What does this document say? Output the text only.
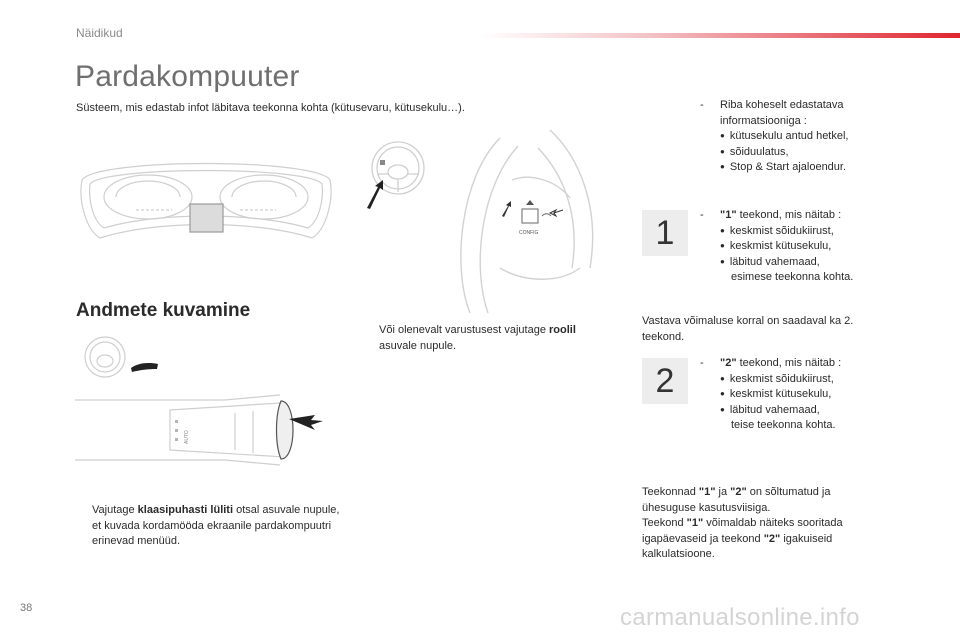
Näidikud
Pardakompuuter
Süsteem, mis edastab infot läbitava teekonna kohta (kütusevaru, kütusekulu…).
CONFIG
Andmete kuvamine
AUTO
Vajutage klaasipuhasti lüliti otsal asuvale nupule, et kuvada kordamööda ekraanile pardakompuutri erinevad menüüd.
Või olenevalt varustusest vajutage roolil asuvale nupule.
- Riba koheselt edastatava
informatsiooniga :
● kütusekulu antud hetkel,
● sõiduulatus,
● Stop & Start ajaloendur.
1	- "1" teekond, mis näitab :
● keskmist sõidukiirust,
● keskmist kütusekulu,
● läbitud vahemaad,
esimese teekonna kohta.
Vastava võimaluse korral on saadaval ka 2. teekond.
2	- "2" teekond, mis näitab :
● keskmist sõidukiirust,
● keskmist kütusekulu,
● läbitud vahemaad,
teise teekonna kohta.
Teekonnad "1" ja "2" on sõltumatud ja ühesuguse kasutusviisiga.
Teekond "1" võimaldab näiteks sooritada igapäevaseid ja teekond "2" igakuiseid kalkulatsioone.
38	carmanualsonline.info
